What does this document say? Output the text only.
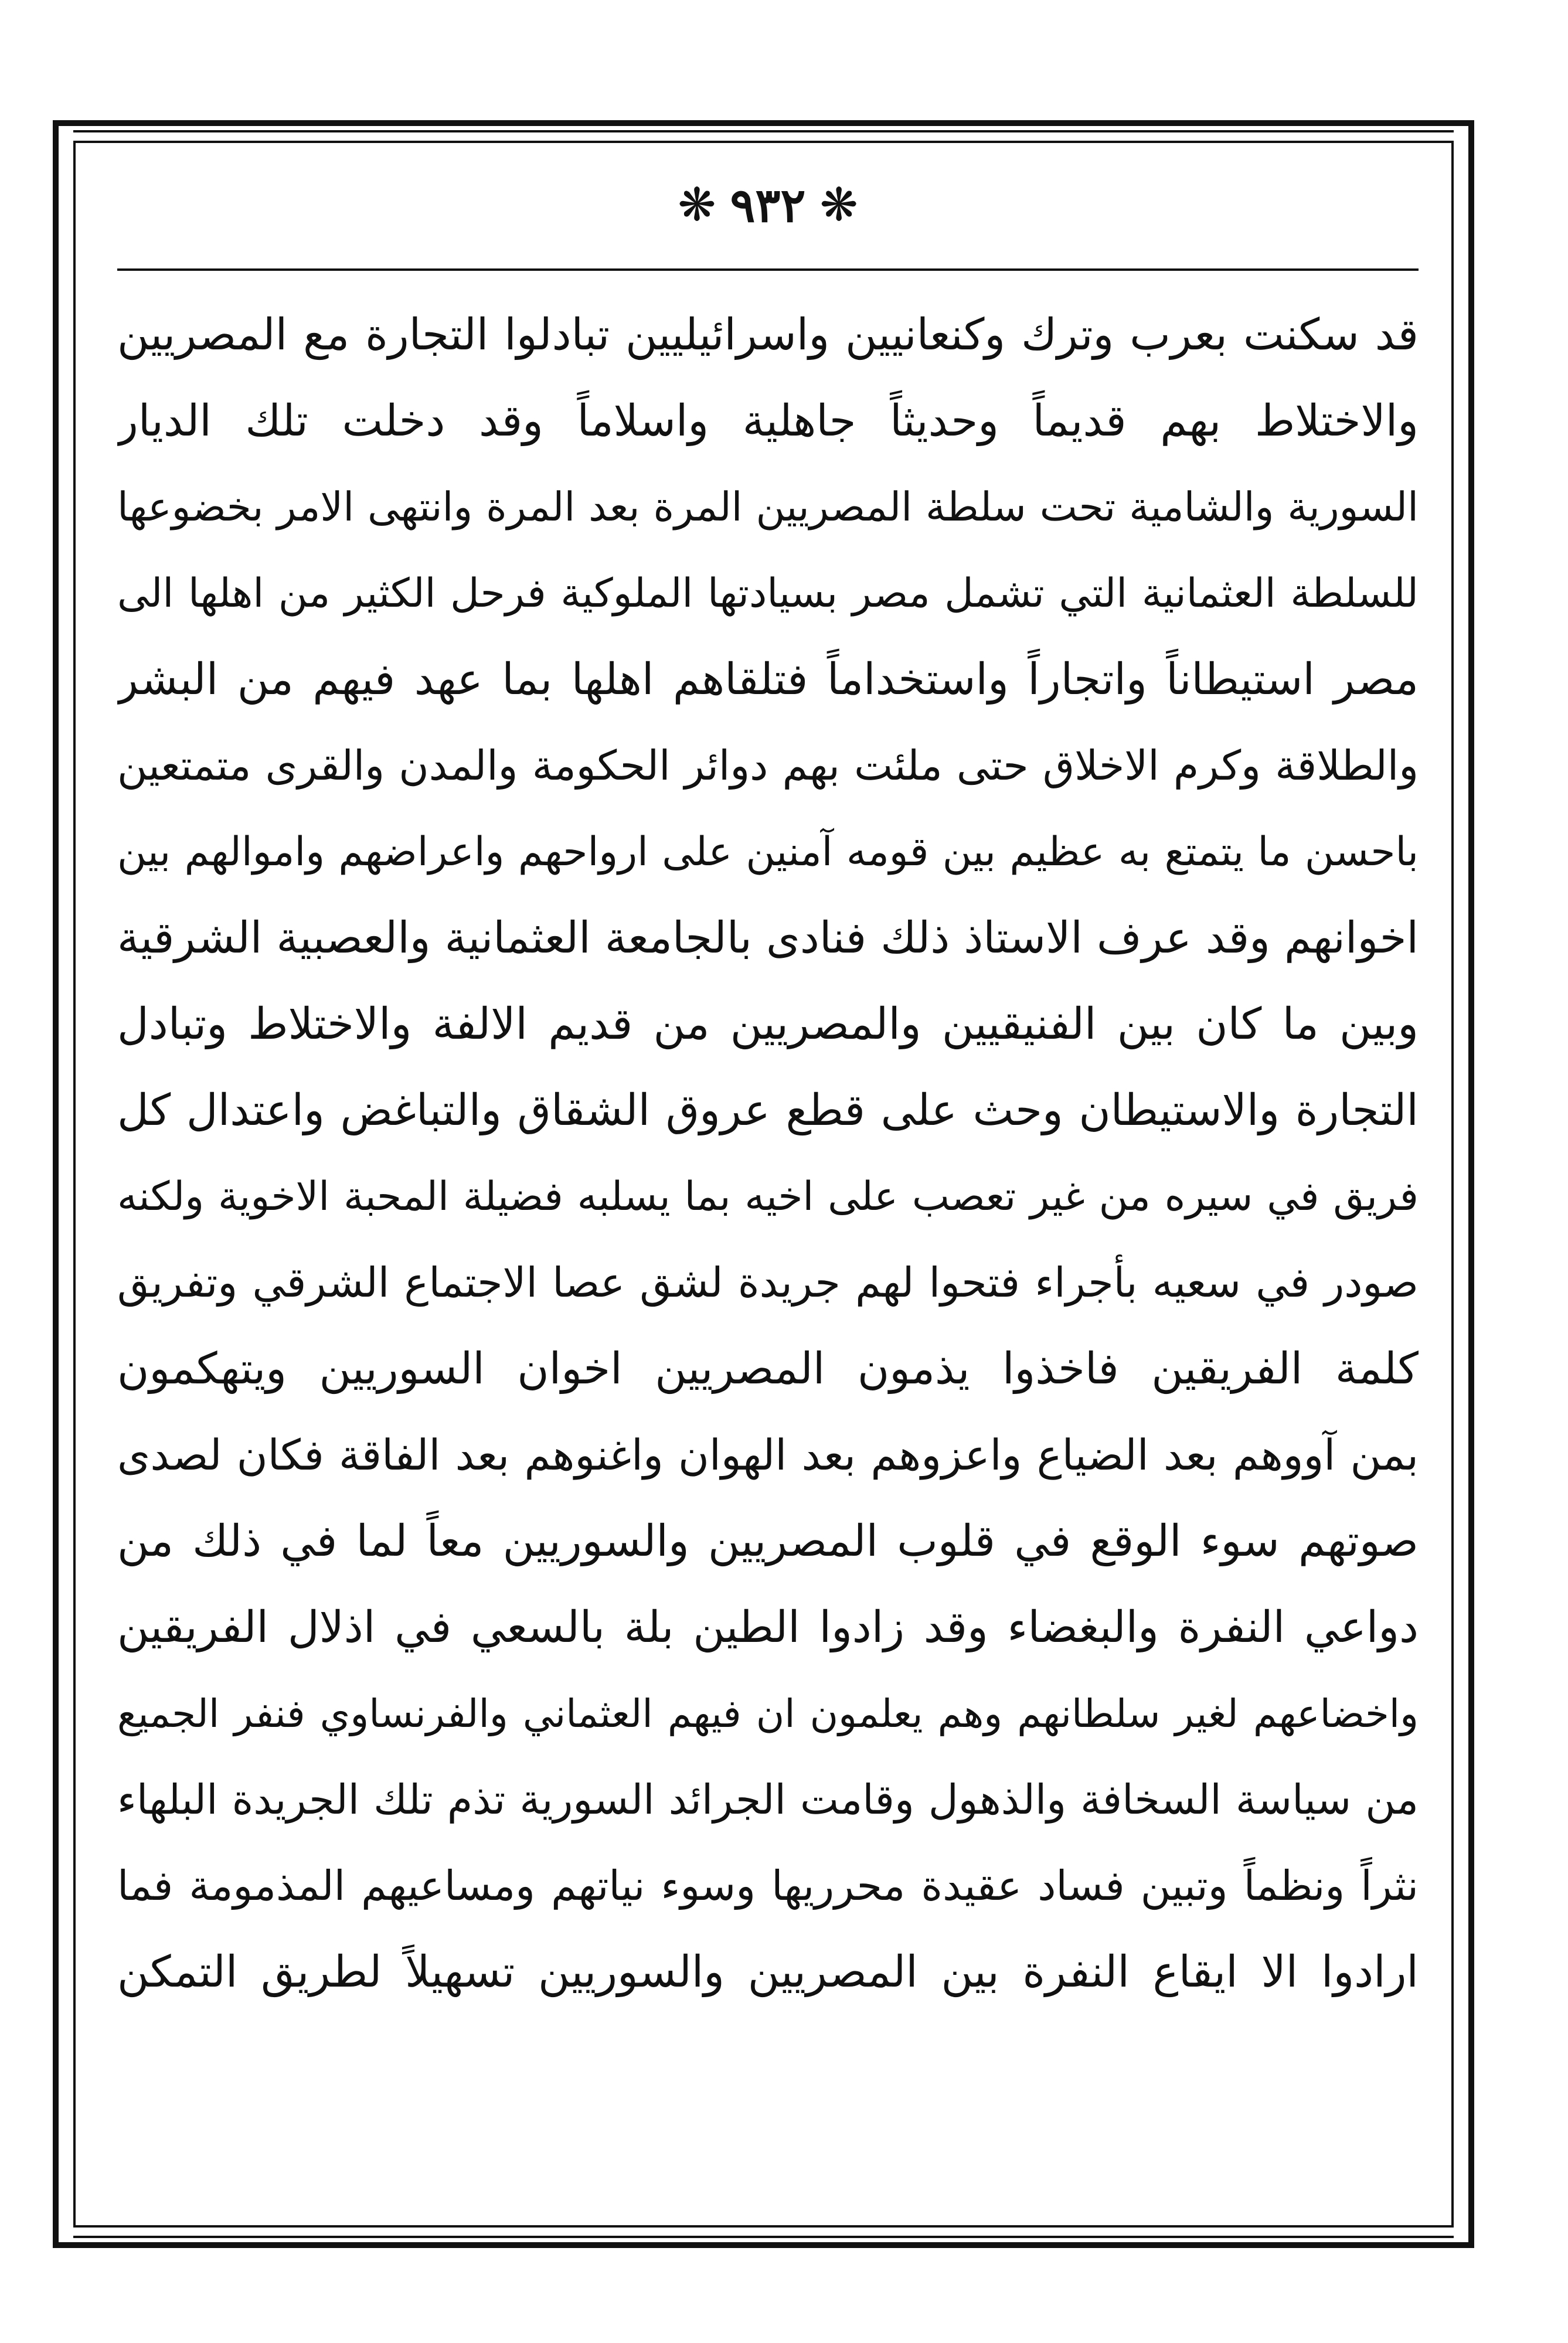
❋
٩٣٢
❋
قد سكنت بعرب وترك وكنعانيين واسرائيليين تبادلوا التجارة مع المصريين
والاختلاط بهم قديماً وحديثاً جاهلية واسلاماً وقد دخلت تلك الديار
السورية والشامية تحت سلطة المصريين المرة بعد المرة وانتهى الامر بخضوعها
للسلطة العثمانية التي تشمل مصر بسيادتها الملوكية فرحل الكثير من اهلها الى
مصر استيطاناً واتجاراً واستخداماً فتلقاهم اهلها بما عهد فيهم من البشر
والطلاقة وكرم الاخلاق حتى ملئت بهم دوائر الحكومة والمدن والقرى متمتعين
باحسن ما يتمتع به عظيم بين قومه آمنين على ارواحهم واعراضهم واموالهم بين
اخوانهم وقد عرف الاستاذ ذلك فنادى بالجامعة العثمانية والعصبية الشرقية
وبين ما كان بين الفنيقيين والمصريين من قديم الالفة والاختلاط وتبادل
التجارة والاستيطان وحث على قطع عروق الشقاق والتباغض واعتدال كل
فريق في سيره من غير تعصب على اخيه بما يسلبه فضيلة المحبة الاخوية ولكنه
صودر في سعيه بأجراء فتحوا لهم جريدة لشق عصا الاجتماع الشرقي وتفريق
كلمة الفريقين فاخذوا يذمون المصريين اخوان السوريين ويتهكمون
بمن آووهم بعد الضياع واعزوهم بعد الهوان واغنوهم بعد الفاقة فكان لصدى
صوتهم سوء الوقع في قلوب المصريين والسوريين معاً لما في ذلك من
دواعي النفرة والبغضاء وقد زادوا الطين بلة بالسعي في اذلال الفريقين
واخضاعهم لغير سلطانهم وهم يعلمون ان فيهم العثماني والفرنساوي فنفر الجميع
من سياسة السخافة والذهول وقامت الجرائد السورية تذم تلك الجريدة البلهاء
نثراً ونظماً وتبين فساد عقيدة محرريها وسوء نياتهم ومساعيهم المذمومة فما
ارادوا الا ايقاع النفرة بين المصريين والسوريين تسهيلاً لطريق التمكن
